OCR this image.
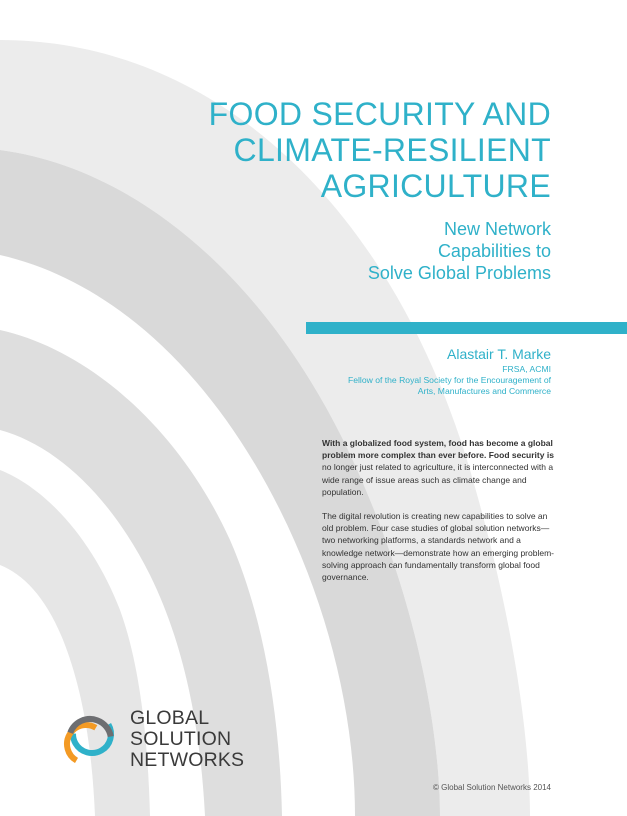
FOOD SECURITY AND
CLIMATE-RESILIENT
AGRICULTURE
New Network
Capabilities to
Solve Global Problems
Alastair T. Marke
FRSA, ACMI
Fellow of the Royal Society for the Encouragement of
Arts, Manufactures and Commerce

With a globalized food system, food has become a global problem more complex than ever before. Food security is no longer just related to agriculture, it is interconnected with a wide range of issue areas such as climate change and population.

The digital revolution is creating new capabilities to solve an old problem. Four case studies of global solution networks—two networking platforms, a standards network and a knowledge network—demonstrate how an emerging problem-solving approach can fundamentally transform global food governance.

GLOBAL
SOLUTION
NETWORKS
© Global Solution Networks 2014
